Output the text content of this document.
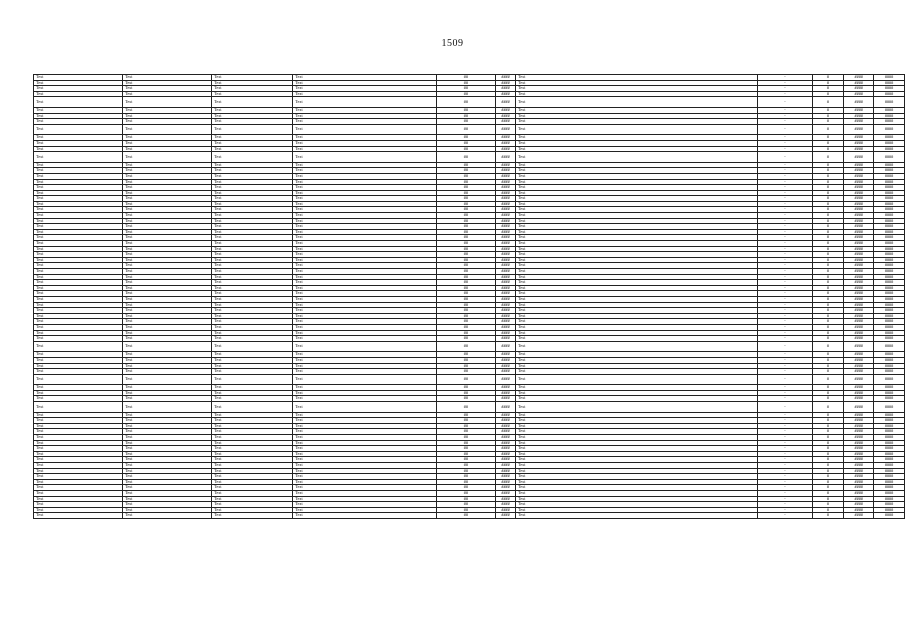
1509
Text	Text	Text	Text	##	####	Text	-	#	####	####
Text	Text	Text	Text	##	####	Text	-	#	####	####
Text	Text	Text	Text	##	####	Text	-	#	####	####
Text	Text	Text	Text	##	####	Text	-	#	####	####
Text	Text	Text	Text	##	####	Text	-	#	####	####
Text	Text	Text	Text	##	####	Text	-	#	####	####
Text	Text	Text	Text	##	####	Text	-	#	####	####
Text	Text	Text	Text	##	####	Text	-	#	####	####
Text	Text	Text	Text	##	####	Text	-	#	####	####
Text	Text	Text	Text	##	####	Text	-	#	####	####
Text	Text	Text	Text	##	####	Text	-	#	####	####
Text	Text	Text	Text	##	####	Text	-	#	####	####
Text	Text	Text	Text	##	####	Text	-	#	####	####
Text	Text	Text	Text	##	####	Text	-	#	####	####
Text	Text	Text	Text	##	####	Text	-	#	####	####
Text	Text	Text	Text	##	####	Text	-	#	####	####
Text	Text	Text	Text	##	####	Text	-	#	####	####
Text	Text	Text	Text	##	####	Text	-	#	####	####
Text	Text	Text	Text	##	####	Text	-	#	####	####
Text	Text	Text	Text	##	####	Text	-	#	####	####
Text	Text	Text	Text	##	####	Text	-	#	####	####
Text	Text	Text	Text	##	####	Text	-	#	####	####
Text	Text	Text	Text	##	####	Text	-	#	####	####
Text	Text	Text	Text	##	####	Text	-	#	####	####
Text	Text	Text	Text	##	####	Text	-	#	####	####
Text	Text	Text	Text	##	####	Text	-	#	####	####
Text	Text	Text	Text	##	####	Text	-	#	####	####
Text	Text	Text	Text	##	####	Text	-	#	####	####
Text	Text	Text	Text	##	####	Text	-	#	####	####
Text	Text	Text	Text	##	####	Text	-	#	####	####
Text	Text	Text	Text	##	####	Text	-	#	####	####
Text	Text	Text	Text	##	####	Text	-	#	####	####
Text	Text	Text	Text	##	####	Text	-	#	####	####
Text	Text	Text	Text	##	####	Text	-	#	####	####
Text	Text	Text	Text	##	####	Text	-	#	####	####
Text	Text	Text	Text	##	####	Text	-	#	####	####
Text	Text	Text	Text	##	####	Text	-	#	####	####
Text	Text	Text	Text	##	####	Text	-	#	####	####
Text	Text	Text	Text	##	####	Text	-	#	####	####
Text	Text	Text	Text	##	####	Text	-	#	####	####
Text	Text	Text	Text	##	####	Text	-	#	####	####
Text	Text	Text	Text	##	####	Text	-	#	####	####
Text	Text	Text	Text	##	####	Text	-	#	####	####
Text	Text	Text	Text	##	####	Text	-	#	####	####
Text	Text	Text	Text	##	####	Text	-	#	####	####
Text	Text	Text	Text	##	####	Text	-	#	####	####
Text	Text	Text	Text	##	####	Text	-	#	####	####
Text	Text	Text	Text	##	####	Text	-	#	####	####
Text	Text	Text	Text	##	####	Text	-	#	####	####
Text	Text	Text	Text	##	####	Text	-	#	####	####
Text	Text	Text	Text	##	####	Text	-	#	####	####
Text	Text	Text	Text	##	####	Text	-	#	####	####
Text	Text	Text	Text	##	####	Text	-	#	####	####
Text	Text	Text	Text	##	####	Text	-	#	####	####
Text	Text	Text	Text	##	####	Text	-	#	####	####
Text	Text	Text	Text	##	####	Text	-	#	####	####
Text	Text	Text	Text	##	####	Text	-	#	####	####
Text	Text	Text	Text	##	####	Text	-	#	####	####
Text	Text	Text	Text	##	####	Text	-	#	####	####
Text	Text	Text	Text	##	####	Text	-	#	####	####
Text	Text	Text	Text	##	####	Text	-	#	####	####
Text	Text	Text	Text	##	####	Text	-	#	####	####
Text	Text	Text	Text	##	####	Text	-	#	####	####
Text	Text	Text	Text	##	####	Text	-	#	####	####
Text	Text	Text	Text	##	####	Text	-	#	####	####
Text	Text	Text	Text	##	####	Text	-	#	####	####
Text	Text	Text	Text	##	####	Text	-	#	####	####
Text	Text	Text	Text	##	####	Text	-	#	####	####
Text	Text	Text	Text	##	####	Text	-	#	####	####
Text	Text	Text	Text	##	####	Text	-	#	####	####
Text	Text	Text	Text	##	####	Text	-	#	####	####
Text	Text	Text	Text	##	####	Text	-	#	####	####
Text	Text	Text	Text	##	####	Text	-	#	####	####
Text	Text	Text	Text	##	####	Text	-	#	####	####
